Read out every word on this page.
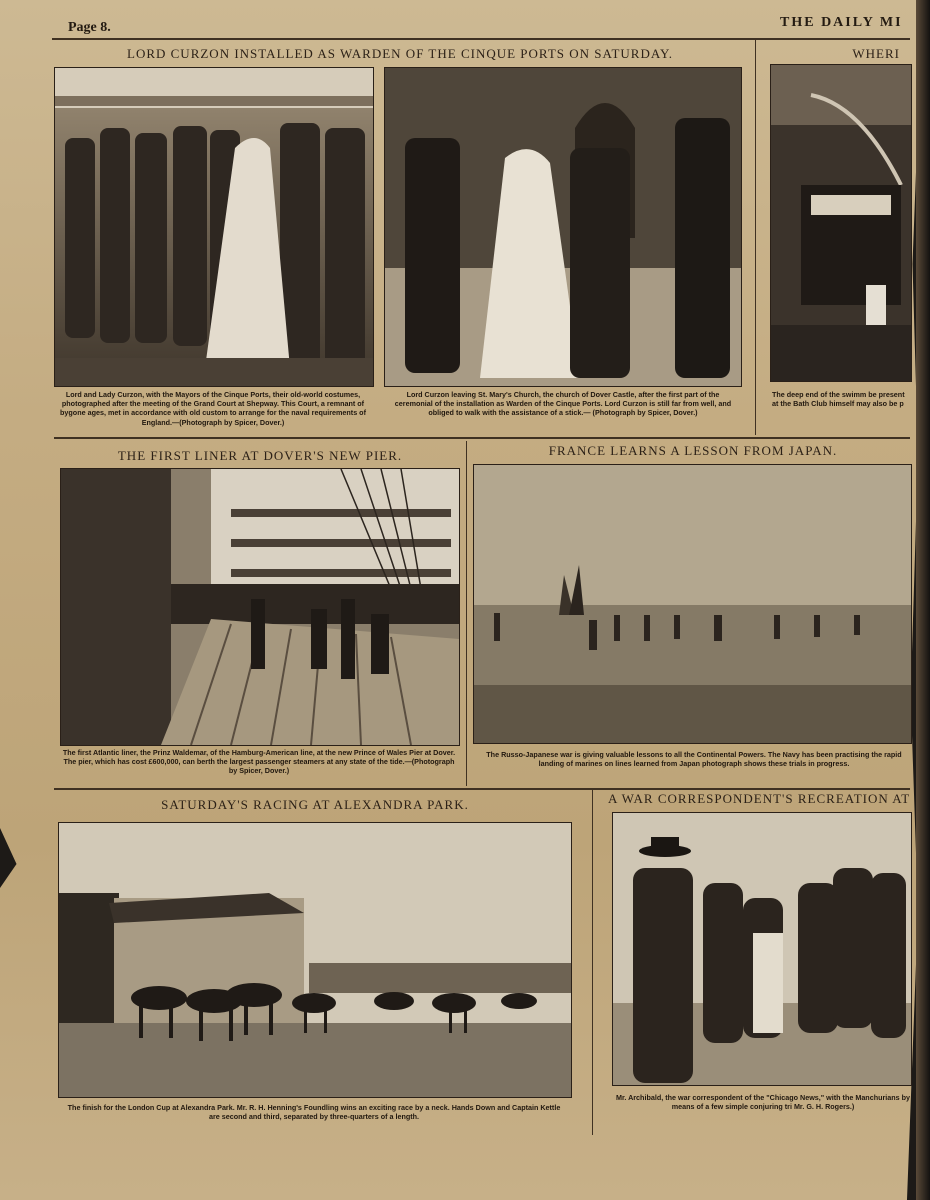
Page 8.	THE DAILY MI
LORD CURZON INSTALLED AS WARDEN OF THE CINQUE PORTS ON SATURDAY.
Lord and Lady Curzon, with the Mayors of the Cinque Ports, their old-world costumes, photographed after the meeting of the Grand Court at Shepway. This Court, a remnant of bygone ages, met in accordance with old custom to arrange for the naval requirements of England.—(Photograph by Spicer, Dover.)
Lord Curzon leaving St. Mary's Church, the church of Dover Castle, after the first part of the ceremonial of the installation as Warden of the Cinque Ports. Lord Curzon is still far from well, and obliged to walk with the assistance of a stick.— (Photograph by Spicer, Dover.)
WHERI
The deep end of the swimm be present at the Bath Club himself may also be p
THE FIRST LINER AT DOVER'S NEW PIER.	FRANCE LEARNS A LESSON FROM JAPAN.
The first Atlantic liner, the Prinz Waldemar, of the Hamburg-American line, at the new Prince of Wales Pier at Dover. The pier, which has cost £600,000, can berth the largest passenger steamers at any state of the tide.—(Photograph by Spicer, Dover.)
The Russo-Japanese war is giving valuable lessons to all the Continental Powers. The Navy has been practising the rapid landing of marines on lines learned from Japan photograph shows these trials in progress.
SATURDAY'S RACING AT ALEXANDRA PARK.	A WAR CORRESPONDENT'S RECREATION AT
The finish for the London Cup at Alexandra Park. Mr. R. H. Henning's Foundling wins an exciting race by a neck. Hands Down and Captain Kettle are second and third, separated by three-quarters of a length.
Mr. Archibald, the war correspondent of the "Chicago News," with the Manchurians by means of a few simple conjuring tri Mr. G. H. Rogers.)
